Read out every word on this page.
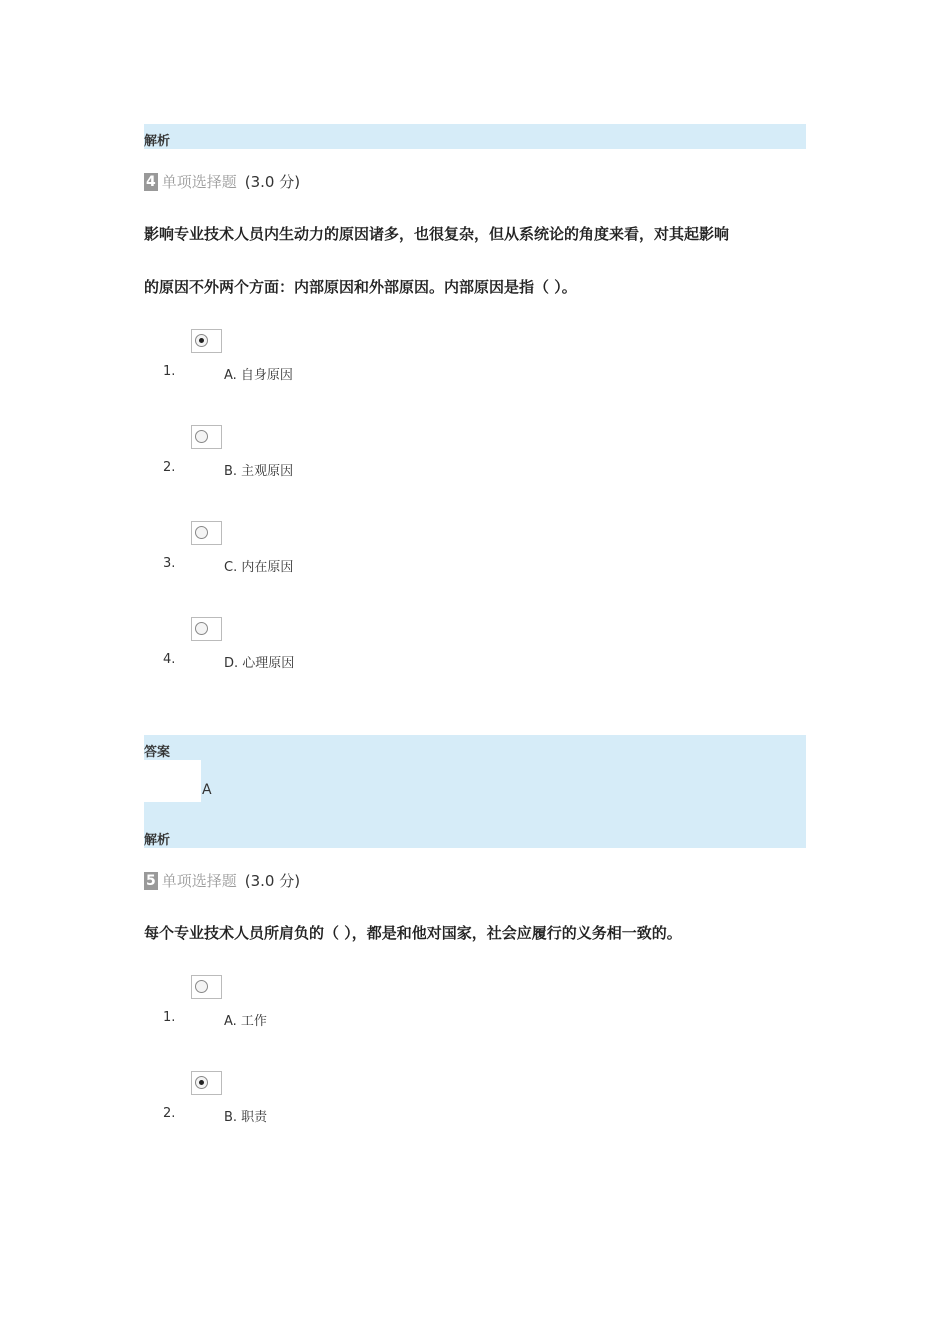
解析
4 单项选择题 (3.0 分)
影响专业技术人员内生动力的原因诸多，也很复杂，但从系统论的角度来看，对其起影响
的原因不外两个方面：内部原因和外部原因。内部原因是指（ ）。
1.	A. 自身原因
2.	B. 主观原因
3.	C. 内在原因
4.	D. 心理原因
答案
A
解析
5 单项选择题 (3.0 分)
每个专业技术人员所肩负的（ ），都是和他对国家，社会应履行的义务相一致的。
1.	A. 工作
2.	B. 职责
